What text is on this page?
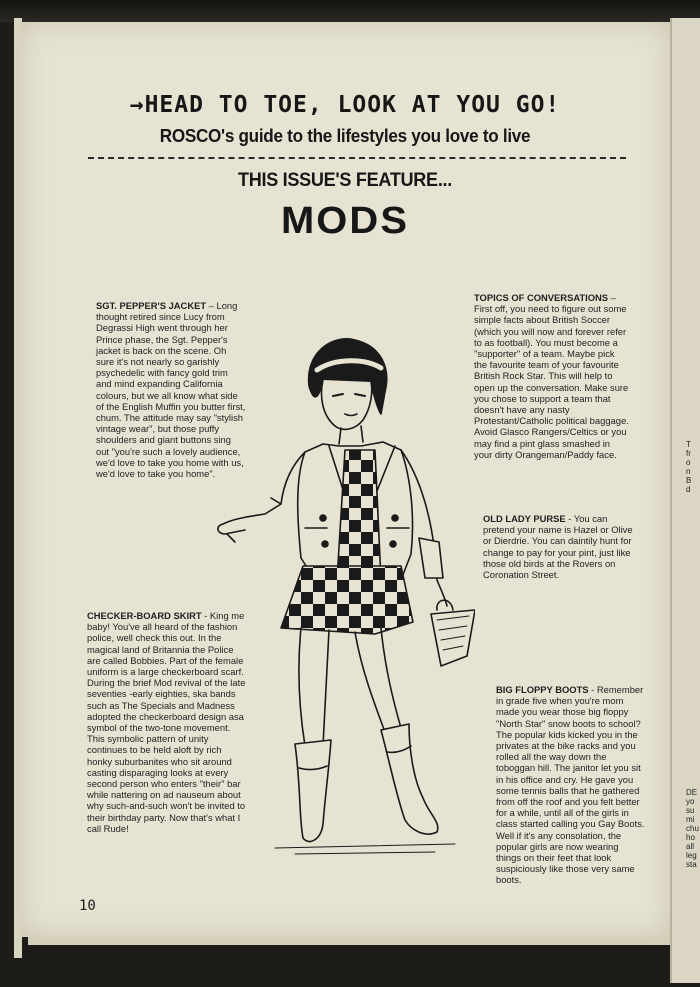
T
fr
o
n
B
d
DE
yo
su
mi
chu
ho
all
leg
sta
→HEAD TO TOE, LOOK AT YOU GO!
ROSCO's guide to the lifestyles you love to live
THIS ISSUE'S FEATURE...
MODS

SGT. PEPPER'S JACKET – Long thought retired since Lucy from Degrassi High went through her Prince phase, the Sgt. Pepper's jacket is back on the scene. Oh sure it's not nearly so garishly psychedelic with fancy gold trim and mind expanding California colours, but we all know what side of the English Muffin you butter first, chum. The attitude may say "stylish vintage wear", but those puffy shoulders and giant buttons sing out "you're such a lovely audience, we'd love to take you home with us, we'd love to take you home".

TOPICS OF CONVERSATIONS – First off, you need to figure out some simple facts about British Soccer (which you will now and forever refer to as football). You must become a "supporter" of a team. Maybe pick the favourite team of your favourite British Rock Star. This will help to open up the conversation. Make sure you chose to support a team that doesn't have any nasty Protestant/Catholic political baggage. Avoid Glasco Rangers/Celtics or you may find a pint glass smashed in your dirty Orangeman/Paddy face.

OLD LADY PURSE - You can pretend your name is Hazel or Olive or Dierdrie. You can daintily hunt for change to pay for your pint, just like those old birds at the Rovers on Coronation Street.

CHECKER-BOARD SKIRT - King me baby! You've all heard of the fashion police, well check this out. In the magical land of Britannia the Police are called Bobbies. Part of the female uniform is a large checkerboard scarf. During the brief Mod revival of the late seventies -early eighties, ska bands such as The Specials and Madness adopted the checkerboard design asa symbol of the two-tone movement. This symbolic pattern of unity continues to be held aloft by rich honky suburbanites who sit around casting disparaging looks at every second person who enters "their" bar while nattering on ad nauseum about why such-and-such won't be invited to their birthday party. Now that's what I call Rude!

BIG FLOPPY BOOTS - Remember in grade five when you're mom made you wear those big floppy "North Star" snow boots to school? The popular kids kicked you in the privates at the bike racks and you rolled all the way down the toboggan hill. The janitor let you sit in his office and cry. He gave you some tennis balls that he gathered from off the roof and you felt better for a while, until all of the girls in class started calling you Gay Boots. Well if it's any consolation, the popular girls are now wearing things on their feet that look suspiciously like those very same boots.

10
